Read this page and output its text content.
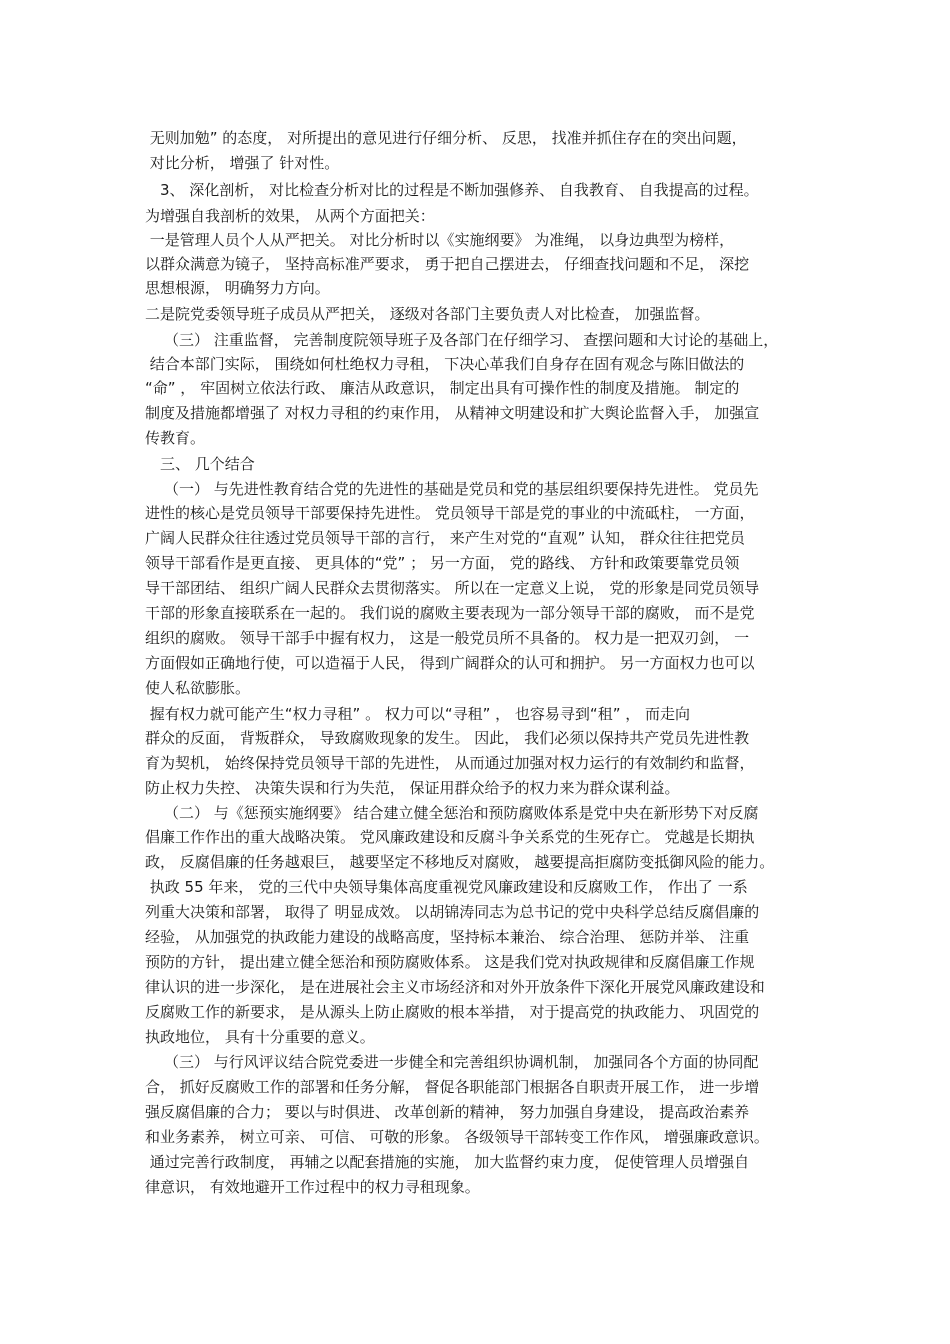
无则加勉” 的态度， 对所提出的意见进行仔细分析、 反思， 找准并抓住存在的突出问题，
对比分析， 增强了 针对性。
3、 深化剖析， 对比检查分析对比的过程是不断加强修养、 自我教育、 自我提高的过程。
为增强自我剖析的效果， 从两个方面把关：
一是管理人员个人从严把关。 对比分析时以《实施纲要》 为准绳， 以身边典型为榜样，
以群众满意为镜子， 坚持高标准严要求， 勇于把自己摆进去， 仔细查找问题和不足， 深挖
思想根源， 明确努力方向。
二是院党委领导班子成员从严把关， 逐级对各部门主要负责人对比检查， 加强监督。
（三） 注重监督， 完善制度院领导班子及各部门在仔细学习、 查摆问题和大讨论的基础上，
结合本部门实际， 围绕如何杜绝权力寻租， 下决心革我们自身存在固有观念与陈旧做法的
“命” ， 牢固树立依法行政、 廉洁从政意识， 制定出具有可操作性的制度及措施。 制定的
制度及措施都增强了 对权力寻租的约束作用， 从精神文明建设和扩大舆论监督入手， 加强宣
传教育。
三、 几个结合
（一） 与先进性教育结合党的先进性的基础是党员和党的基层组织要保持先进性。 党员先
进性的核心是党员领导干部要保持先进性。 党员领导干部是党的事业的中流砥柱， 一方面，
广阔人民群众往往透过党员领导干部的言行， 来产生对党的“直观” 认知， 群众往往把党员
领导干部看作是更直接、 更具体的“党” ； 另一方面， 党的路线、 方针和政策要靠党员领
导干部团结、 组织广阔人民群众去贯彻落实。 所以在一定意义上说， 党的形象是同党员领导
干部的形象直接联系在一起的。 我们说的腐败主要表现为一部分领导干部的腐败， 而不是党
组织的腐败。 领导干部手中握有权力， 这是一般党员所不具备的。 权力是一把双刃剑， 一
方面假如正确地行使，可以造福于人民， 得到广阔群众的认可和拥护。 另一方面权力也可以
使人私欲膨胀。
握有权力就可能产生“权力寻租” 。 权力可以“寻租” ， 也容易寻到“租” ， 而走向
群众的反面， 背叛群众， 导致腐败现象的发生。 因此， 我们必须以保持共产党员先进性教
育为契机， 始终保持党员领导干部的先进性， 从而通过加强对权力运行的有效制约和监督，
防止权力失控、 决策失误和行为失范， 保证用群众给予的权力来为群众谋利益。
（二） 与《惩预实施纲要》 结合建立健全惩治和预防腐败体系是党中央在新形势下对反腐
倡廉工作作出的重大战略决策。 党风廉政建设和反腐斗争关系党的生死存亡。 党越是长期执
政， 反腐倡廉的任务越艰巨， 越要坚定不移地反对腐败， 越要提高拒腐防变抵御风险的能力。
执政 55 年来， 党的三代中央领导集体高度重视党风廉政建设和反腐败工作， 作出了 一系
列重大决策和部署， 取得了 明显成效。 以胡锦涛同志为总书记的党中央科学总结反腐倡廉的
经验， 从加强党的执政能力建设的战略高度，坚持标本兼治、 综合治理、 惩防并举、 注重
预防的方针， 提出建立健全惩治和预防腐败体系。 这是我们党对执政规律和反腐倡廉工作规
律认识的进一步深化， 是在进展社会主义市场经济和对外开放条件下深化开展党风廉政建设和
反腐败工作的新要求， 是从源头上防止腐败的根本举措， 对于提高党的执政能力、 巩固党的
执政地位， 具有十分重要的意义。
（三） 与行风评议结合院党委进一步健全和完善组织协调机制， 加强同各个方面的协同配
合， 抓好反腐败工作的部署和任务分解， 督促各职能部门根据各自职责开展工作， 进一步增
强反腐倡廉的合力； 要以与时俱进、 改革创新的精神， 努力加强自身建设， 提高政治素养
和业务素养， 树立可亲、 可信、 可敬的形象。 各级领导干部转变工作作风， 增强廉政意识。
通过完善行政制度， 再辅之以配套措施的实施， 加大监督约束力度， 促使管理人员增强自
律意识， 有效地避开工作过程中的权力寻租现象。
